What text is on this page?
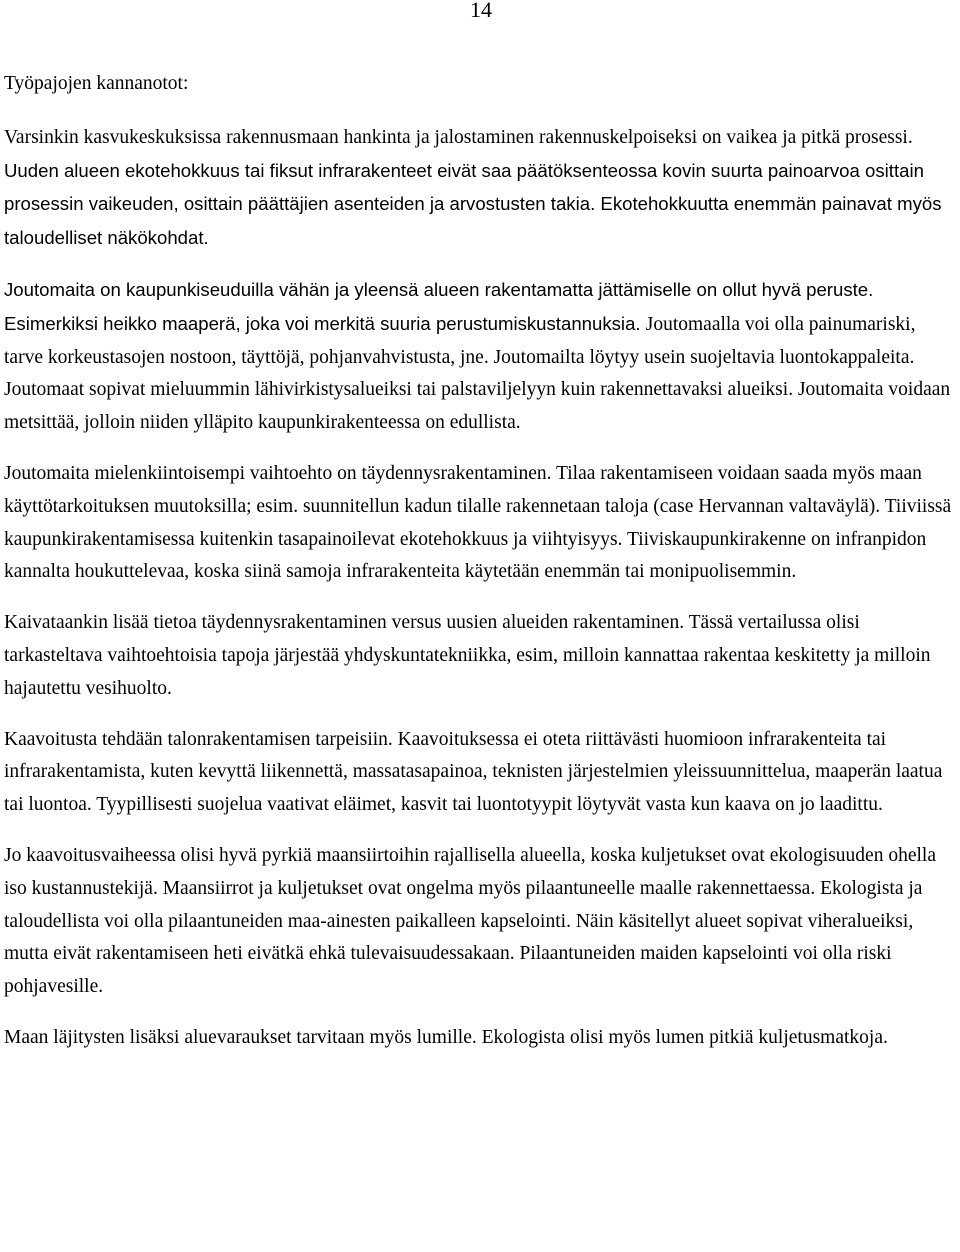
14
Työpajojen kannanotot:

Varsinkin kasvukeskuksissa rakennusmaan hankinta ja jalostaminen rakennuskelpoiseksi on vaikea ja pitkä prosessi. Uuden alueen ekotehokkuus tai fiksut infrarakenteet eivät saa päätöksenteossa kovin suurta painoarvoa osittain prosessin vaikeuden, osittain päättäjien asenteiden ja arvostusten takia. Ekotehokkuutta enemmän painavat myös taloudelliset näkökohdat.

Joutomaita on kaupunkiseuduilla vähän ja yleensä alueen rakentamatta jättämiselle on ollut hyvä peruste. Esimerkiksi heikko maaperä, joka voi merkitä suuria perustumiskustannuksia. Joutomaalla voi olla painumariski, tarve korkeustasojen nostoon, täyttöjä, pohjanvahvistusta, jne. Joutomailta löytyy usein suojeltavia luontokappaleita. Joutomaat sopivat mieluummin lähivirkistysalueiksi tai palstaviljelyyn kuin rakennettavaksi alueiksi. Joutomaita voidaan metsittää, jolloin niiden ylläpito kaupunkirakenteessa on edullista.

Joutomaita mielenkiintoisempi vaihtoehto on täydennysrakentaminen. Tilaa rakentamiseen voidaan saada myös maan käyttötarkoituksen muutoksilla; esim. suunnitellun kadun tilalle rakennetaan taloja (case Hervannan valtaväylä). Tiiviissä kaupunkirakentamisessa kuitenkin tasapainoilevat ekotehokkuus ja viihtyisyys. Tiiviskaupunkirakenne on infranpidon kannalta houkuttelevaa, koska siinä samoja infrarakenteita käytetään enemmän tai monipuolisemmin.

Kaivataankin lisää tietoa täydennysrakentaminen versus uusien alueiden rakentaminen. Tässä vertailussa olisi tarkasteltava vaihtoehtoisia tapoja järjestää yhdyskuntatekniikka, esim, milloin kannattaa rakentaa keskitetty ja milloin hajautettu vesihuolto.

Kaavoitusta tehdään talonrakentamisen tarpeisiin. Kaavoituksessa ei oteta riittävästi huomioon infrarakenteita tai infrarakentamista, kuten kevyttä liikennettä, massatasapainoa, teknisten järjestelmien yleissuunnittelua, maaperän laatua tai luontoa. Tyypillisesti suojelua vaativat eläimet, kasvit tai luontotyypit löytyvät vasta kun kaava on jo laadittu.

Jo kaavoitusvaiheessa olisi hyvä pyrkiä maansiirtoihin rajallisella alueella, koska kuljetukset ovat ekologisuuden ohella iso kustannustekijä. Maansiirrot ja kuljetukset ovat ongelma myös pilaantuneelle maalle rakennettaessa. Ekologista ja taloudellista voi olla pilaantuneiden maa-ainesten paikalleen kapselointi. Näin käsitellyt alueet sopivat viheralueiksi, mutta eivät rakentamiseen heti eivätkä ehkä tulevaisuudessakaan. Pilaantuneiden maiden kapselointi voi olla riski pohjavesille.

Maan läjitysten lisäksi aluevaraukset tarvitaan myös lumille. Ekologista olisi myös lumen pitkiä kuljetusmatkoja.
